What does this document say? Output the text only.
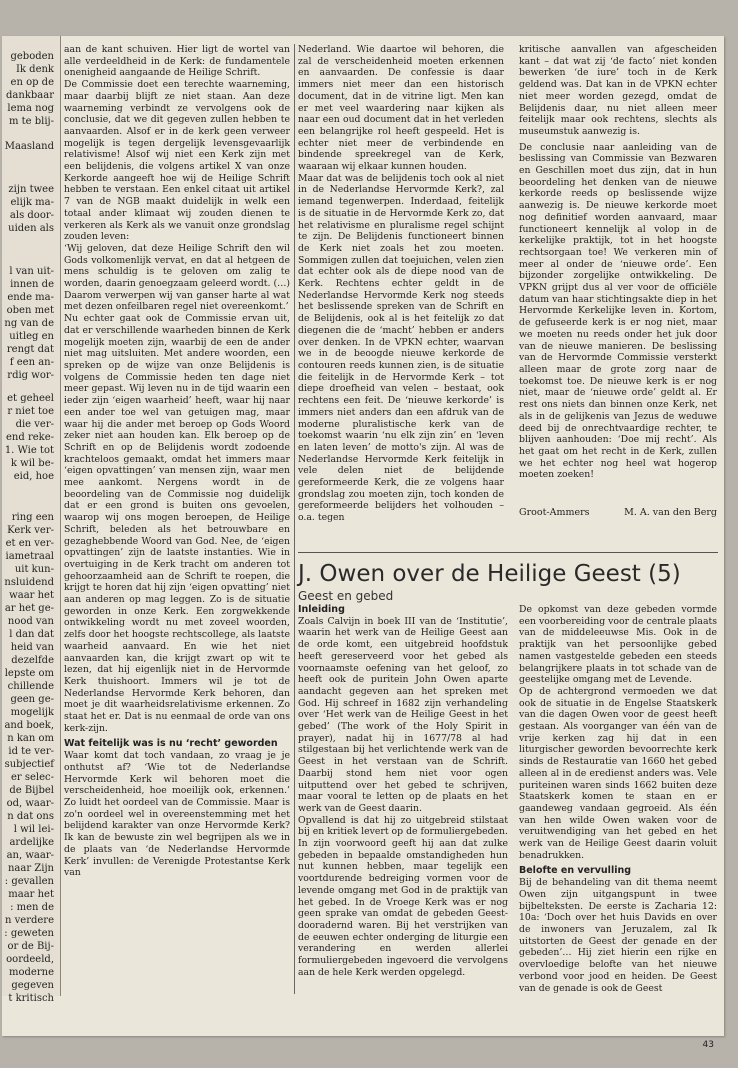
geboden
Ik denk
en op de
dankbaar
lema nog
m te blij-
Maasland
zijn twee
elijk ma-
als door-
uiden als
l van uit-
innen de
ende ma-
oben met
ng van de
uitleg en
rengt dat
f een an-
rdig wor-
et geheel
r niet toe
die ver-
end reke-
1. Wie tot
k wil be-
eid, hoe
ring een
Kerk ver-
et en ver-
iametraal
uit kun-
nsluidend
waar het
ar het ge-
nood van
l dan dat
heid van
dezelfde
lepste om
chillende
geen ge-
mogelijk
and boek,
n kan om
id te ver-
subjectief
er selec-
de Bijbel
od, waar-
n dat ons
l wil lei-
ardelijke
an, waar-
naar Zijn
: gevallen
maar het
: men de
n verdere
: geweten
or de Bij-
oordeeld,
moderne
gegeven
t kritisch

aan de kant schuiven. Hier ligt de wortel van alle verdeeldheid in de Kerk: de fundamentele onenigheid aangaande de Heilige Schrift.

De Commissie doet een terechte waarneming, maar daarbij blijft ze niet staan. Aan deze waarneming verbindt ze vervolgens ook de conclusie, dat we dit gegeven zullen hebben te aanvaarden. Alsof er in de kerk geen verweer mogelijk is tegen dergelijk levensgevaarlijk relativisme! Alsof wij niet een Kerk zijn met een belijdenis, die volgens artikel X van onze Kerkorde aangeeft hoe wij de Heilige Schrift hebben te verstaan. Een enkel citaat uit artikel 7 van de NGB maakt duidelijk in welk een totaal ander klimaat wij zouden dienen te verkeren als Kerk als we vanuit onze grondslag zouden leven:

‘Wij geloven, dat deze Heilige Schrift den wil Gods volkomenlijk vervat, en dat al hetgeen de mens schuldig is te geloven om zalig te worden, daarin genoegzaam geleerd wordt. (…) Daarom verwerpen wij van ganser harte al wat met dezen onfeilbaren regel niet overeenkomt.’

Nu echter gaat ook de Commissie ervan uit, dat er verschillende waarheden binnen de Kerk mogelijk moeten zijn, waarbij de een de ander niet mag uitsluiten. Met andere woorden, een spreken op de wijze van onze Belijdenis is volgens de Commissie heden ten dage niet meer gepast. Wij leven nu in de tijd waarin een ieder zijn ‘eigen waarheid’ heeft, waar hij naar een ander toe wel van getuigen mag, maar waar hij die ander met beroep op Gods Woord zeker niet aan houden kan. Elk beroep op de Schrift en op de Belijdenis wordt zodoende krachteloos gemaakt, omdat het immers maar ‘eigen opvattingen’ van mensen zijn, waar men mee aankomt. Nergens wordt in de beoordeling van de Commissie nog duidelijk dat er een grond is buiten ons gevoelen, waarop wij ons mogen beroepen, de Heilige Schrift, beleden als het betrouwbare en gezaghebbende Woord van God. Nee, de ‘eigen opvattingen’ zijn de laatste instanties. Wie in overtuiging in de Kerk tracht om anderen tot gehoorzaamheid aan de Schrift te roepen, die krijgt te horen dat hij zijn ‘eigen opvatting’ niet aan anderen op mag leggen. Zo is de situatie geworden in onze Kerk. Een zorgwekkende ontwikkeling wordt nu met zoveel woorden, zelfs door het hoogste rechtscollege, als laatste waarheid aanvaard. En wie het niet aanvaarden kan, die krijgt zwart op wit te lezen, dat hij eigenlijk niet in de Hervormde Kerk thuishoort. Immers wil je tot de Nederlandse Hervormde Kerk behoren, dan moet je dit waarheidsrelativisme erkennen. Zo staat het er. Dat is nu eenmaal de orde van ons kerk-zijn.

Wat feitelijk was is nu ‘recht’ geworden

Waar komt dat toch vandaan, zo vraag je je onthutst af? ‘Wie tot de Nederlandse Hervormde Kerk wil behoren moet die verscheidenheid, hoe moeilijk ook, erkennen.’ Zo luidt het oordeel van de Commissie. Maar is zo'n oordeel wel in overeenstemming met het belijdend karakter van onze Hervormde Kerk? Ik kan de bewuste zin wel begrijpen als we in de plaats van ‘de Nederlandse Hervormde Kerk’ invullen: de Verenigde Protestantse Kerk van

Nederland. Wie daartoe wil behoren, die zal de verscheidenheid moeten erkennen en aanvaarden. De confessie is daar immers niet meer dan een historisch document, dat in de vitrine ligt. Men kan er met veel waardering naar kijken als naar een oud document dat in het verleden een belangrijke rol heeft gespeeld. Het is echter niet meer de verbindende en bindende spreekregel van de Kerk, waaraan wij elkaar kunnen houden.

Maar dat was de belijdenis toch ook al niet in de Nederlandse Hervormde Kerk?, zal iemand tegenwerpen. Inderdaad, feitelijk is de situatie in de Hervormde Kerk zo, dat het relativisme en pluralisme regel schijnt te zijn. De Belijdenis functioneert binnen de Kerk niet zoals het zou moeten. Sommigen zullen dat toejuichen, velen zien dat echter ook als de diepe nood van de Kerk. Rechtens echter geldt in de Nederlandse Hervormde Kerk nog steeds het beslissende spreken van de Schrift en de Belijdenis, ook al is het feitelijk zo dat diegenen die de ‘macht’ hebben er anders over denken. In de VPKN echter, waarvan we in de beoogde nieuwe kerkorde de contouren reeds kunnen zien, is de situatie die feitelijk in de Hervormde Kerk – tot diepe droefheid van velen – bestaat, ook rechtens een feit. De ‘nieuwe kerkorde’ is immers niet anders dan een afdruk van de moderne pluralistische kerk van de toekomst waarin ‘nu elk zijn zin’ en ‘leven en laten leven’ de motto's zijn. Al was de Nederlandse Hervormde Kerk feitelijk in vele delen niet de belijdende gereformeerde Kerk, die ze volgens haar grondslag zou moeten zijn, toch konden de gereformeerde belijders het volhouden – o.a. tegen

kritische aanvallen van afgescheiden kant – dat wat zij ‘de facto’ niet konden bewerken ‘de iure’ toch in de Kerk geldend was. Dat kan in de VPKN echter niet meer worden gezegd, omdat de Belijdenis daar, nu niet alleen meer feitelijk maar ook rechtens, slechts als museumstuk aanwezig is.

De conclusie naar aanleiding van de beslissing van Commissie van Bezwaren en Geschillen moet dus zijn, dat in hun beoordeling het denken van de nieuwe kerkorde reeds op beslissende wijze aanwezig is. De nieuwe kerkorde moet nog definitief worden aanvaard, maar functioneert kennelijk al volop in de kerkelijke praktijk, tot in het hoogste rechtsorgaan toe! We verkeren min of meer al onder de ‘nieuwe orde’. Een bijzonder zorgelijke ontwikkeling. De VPKN grijpt dus al ver voor de officiële datum van haar stichtingsakte diep in het Hervormde Kerkelijke leven in. Kortom, de gefuseerde kerk is er nog niet, maar we moeten nu reeds onder het juk door van de nieuwe manieren. De beslissing van de Hervormde Commissie versterkt alleen maar de grote zorg naar de toekomst toe. De nieuwe kerk is er nog niet, maar de ‘nieuwe orde’ geldt al. Er rest ons niets dan binnen onze Kerk, net als in de gelijkenis van Jezus de weduwe deed bij de onrechtvaardige rechter, te blijven aanhouden: ‘Doe mij recht’. Als het gaat om het recht in de Kerk, zullen we het echter nog heel wat hogerop moeten zoeken!

Groot-Ammers	M. A. van den Berg
J. Owen over de Heilige Geest (5)
Geest en gebed
Inleiding

Zoals Calvijn in boek III van de ‘Institutie’, waarin het werk van de Heilige Geest aan de orde komt, een uitgebreid hoofdstuk heeft gereserveerd voor het gebed als voornaamste oefening van het geloof, zo heeft ook de puritein John Owen aparte aandacht gegeven aan het spreken met God. Hij schreef in 1682 zijn verhandeling over ‘Het werk van de Heilige Geest in het gebed’ (The work of the Holy Spirit in prayer), nadat hij in 1677/78 al had stilgestaan bij het verlichtende werk van de Geest in het verstaan van de Schrift. Daarbij stond hem niet voor ogen uitputtend over het gebed te schrijven, maar vooral te letten op de plaats en het werk van de Geest daarin.

Opvallend is dat hij zo uitgebreid stilstaat bij en kritiek levert op de formuliergebeden. In zijn voorwoord geeft hij aan dat zulke gebeden in bepaalde omstandigheden hun nut kunnen hebben, maar tegelijk een voortdurende bedreiging vormen voor de levende omgang met God in de praktijk van het gebed. In de Vroege Kerk was er nog geen sprake van omdat de gebeden Geest-dooradernd waren. Bij het verstrijken van de eeuwen echter onderging de liturgie een verandering en werden allerlei formuliergebeden ingevoerd die vervolgens aan de hele Kerk werden opgelegd.

De opkomst van deze gebeden vormde een voorbereiding voor de centrale plaats van de middeleeuwse Mis. Ook in de praktijk van het persoonlijke gebed namen vastgestelde gebeden een steeds belangrijkere plaats in tot schade van de geestelijke omgang met de Levende.

Op de achtergrond vermoeden we dat ook de situatie in de Engelse Staatskerk van die dagen Owen voor de geest heeft gestaan. Als voorganger van één van de vrije kerken zag hij dat in een liturgischer geworden bevoorrechte kerk sinds de Restauratie van 1660 het gebed alleen al in de eredienst anders was. Vele puriteinen waren sinds 1662 buiten deze Staatskerk komen te staan en er gaandeweg vandaan gegroeid. Als één van hen wilde Owen waken voor de veruitwendiging van het gebed en het werk van de Heilige Geest daarin voluit benadrukken.

Belofte en vervulling

Bij de behandeling van dit thema neemt Owen zijn uitgangspunt in twee bijbelteksten. De eerste is Zacharia 12: 10a: ‘Doch over het huis Davids en over de inwoners van Jeruzalem, zal Ik uitstorten de Geest der genade en der gebeden’… Hij ziet hierin een rijke en overvloedige belofte van het nieuwe verbond voor jood en heiden. De Geest van de genade is ook de Geest

43
